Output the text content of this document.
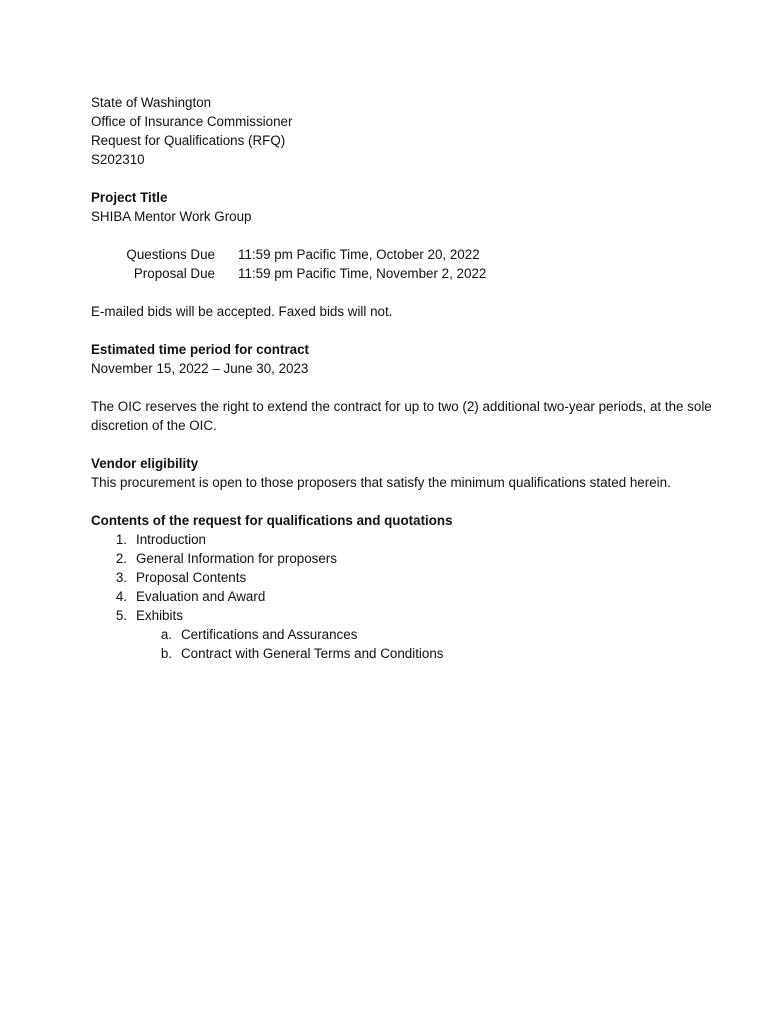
State of Washington
Office of Insurance Commissioner
Request for Qualifications (RFQ)
S202310
Project Title
SHIBA Mentor Work Group
Questions Due 11:59 pm Pacific Time, October 20, 2022
Proposal Due 11:59 pm Pacific Time, November 2, 2022
E-mailed bids will be accepted. Faxed bids will not.
Estimated time period for contract
November 15, 2022 – June 30, 2023
The OIC reserves the right to extend the contract for up to two (2) additional two-year periods, at the sole discretion of the OIC.
Vendor eligibility
This procurement is open to those proposers that satisfy the minimum qualifications stated herein.
Contents of the request for qualifications and quotations
1. Introduction
2. General Information for proposers
3. Proposal Contents
4. Evaluation and Award
5. Exhibits
a. Certifications and Assurances
b. Contract with General Terms and Conditions
